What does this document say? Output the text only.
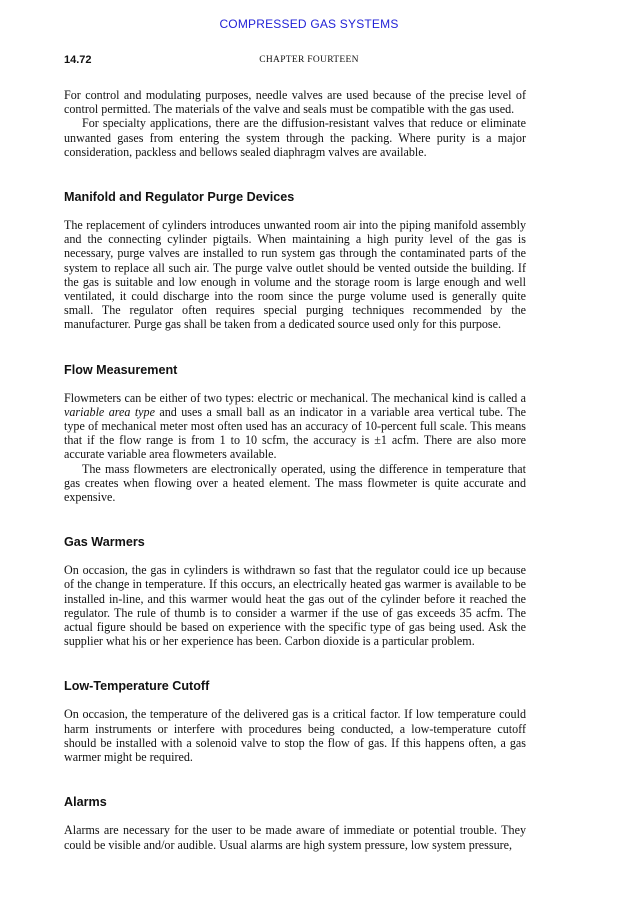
COMPRESSED GAS SYSTEMS
14.72	CHAPTER FOURTEEN

For control and modulating purposes, needle valves are used because of the precise level of control permitted. The materials of the valve and seals must be compatible with the gas used.

For specialty applications, there are the diffusion-resistant valves that reduce or eliminate unwanted gases from entering the system through the packing. Where purity is a major consideration, packless and bellows sealed diaphragm valves are available.

Manifold and Regulator Purge Devices

The replacement of cylinders introduces unwanted room air into the piping manifold assembly and the connecting cylinder pigtails. When maintaining a high purity level of the gas is necessary, purge valves are installed to run system gas through the contaminated parts of the system to replace all such air. The purge valve outlet should be vented outside the building. If the gas is suitable and low enough in volume and the storage room is large enough and well ventilated, it could discharge into the room since the purge volume used is generally quite small. The regulator often requires special purging techniques recommended by the manufacturer. Purge gas shall be taken from a dedicated source used only for this purpose.

Flow Measurement

Flowmeters can be either of two types: electric or mechanical. The mechanical kind is called a variable area type and uses a small ball as an indicator in a variable area vertical tube. The type of mechanical meter most often used has an accuracy of 10-percent full scale. This means that if the flow range is from 1 to 10 scfm, the accuracy is ±1 acfm. There are also more accurate variable area flowmeters available.

The mass flowmeters are electronically operated, using the difference in temperature that gas creates when flowing over a heated element. The mass flowmeter is quite accurate and expensive.

Gas Warmers

On occasion, the gas in cylinders is withdrawn so fast that the regulator could ice up because of the change in temperature. If this occurs, an electrically heated gas warmer is available to be installed in-line, and this warmer would heat the gas out of the cylinder before it reached the regulator. The rule of thumb is to consider a warmer if the use of gas exceeds 35 acfm. The actual figure should be based on experience with the specific type of gas being used. Ask the supplier what his or her experience has been. Carbon dioxide is a particular problem.

Low-Temperature Cutoff

On occasion, the temperature of the delivered gas is a critical factor. If low temperature could harm instruments or interfere with procedures being conducted, a low-temperature cutoff should be installed with a solenoid valve to stop the flow of gas. If this happens often, a gas warmer might be required.

Alarms

Alarms are necessary for the user to be made aware of immediate or potential trouble. They could be visible and/or audible. Usual alarms are high system pressure, low system pressure,
